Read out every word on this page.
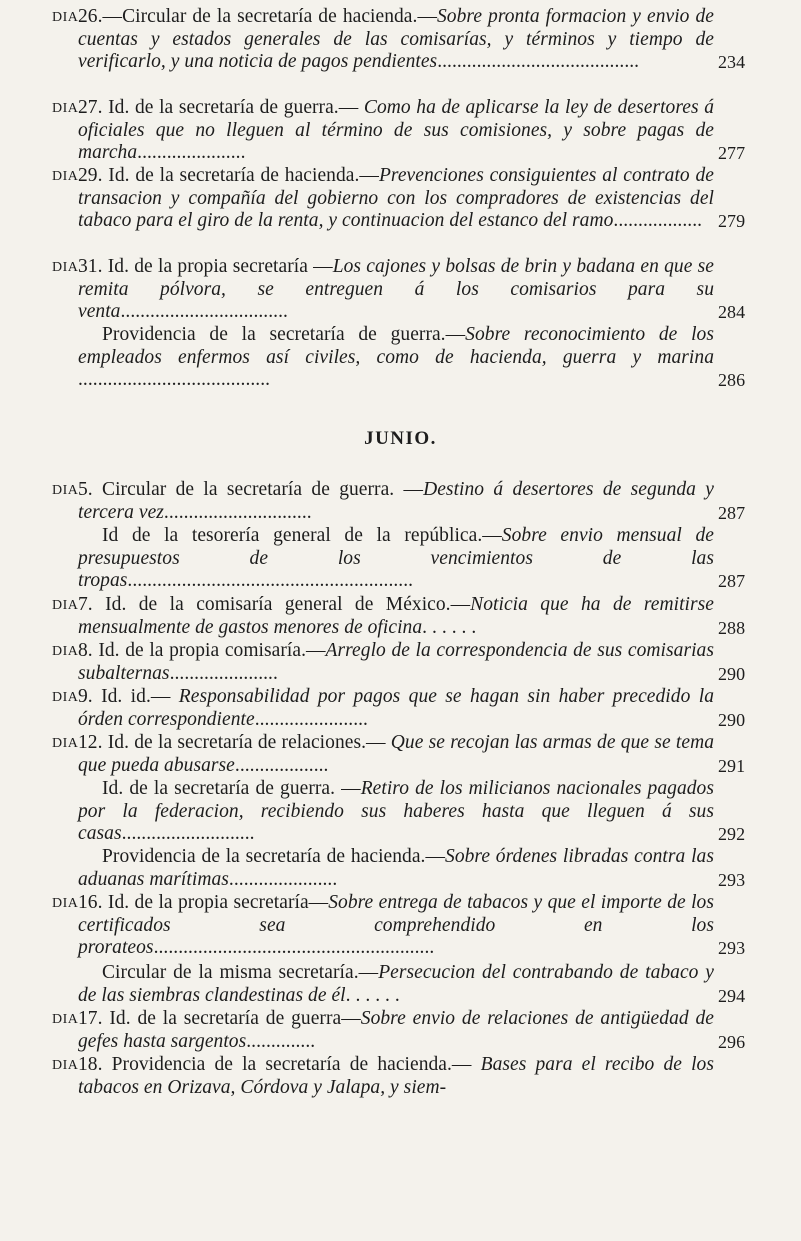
DIA 26.—Circular de la secretaría de hacienda.—Sobre pronta formacion y envio de cuentas y estados generales de las comisarías, y términos y tiempo de verificarlo, y una noticia de pagos pendientes.........................................	234
DIA 27. Id. de la secretaría de guerra.— Como ha de aplicarse la ley de desertores á oficiales que no lleguen al término de sus comisiones, y sobre pagas de marcha......................	277
DIA 29. Id. de la secretaría de hacienda.—Prevenciones consiguientes al contrato de transacion y compañía del gobierno con los compradores de existencias del tabaco para el giro de la renta, y continuacion del estanco del ramo.................. 279
DIA 31. Id. de la propia secretaría —Los cajones y bolsas de brin y badana en que se remita pólvora, se entreguen á los comisarios para su venta..................................	284
Providencia de la secretaría de guerra.—Sobre reconocimiento de los empleados enfermos así civiles, como de hacienda, guerra y marina .......................................	286
JUNIO.
DIA 5. Circular de la secretaría de guerra. —Destino á desertores de segunda y tercera vez..............................	287
Id de la tesorería general de la república.—Sobre envio mensual de presupuestos de los vencimientos de las tropas..........................................................	287
DIA 7. Id. de la comisaría general de México.—Noticia que ha de remitirse mensualmente de gastos menores de oficina. . . . . .	288
DIA 8. Id. de la propia comisaría.—Arreglo de la correspondencia de sus comisarias subalternas......................	290
DIA 9. Id. id.— Responsabilidad por pagos que se hagan sin haber precedido la órden correspondiente.......................	290
DIA 12. Id. de la secretaría de relaciones.— Que se recojan las armas de que se tema que pueda abusarse...................	291
Id. de la secretaría de guerra. —Retiro de los milicianos nacionales pagados por la federacion, recibiendo sus haberes hasta que lleguen á sus casas...........................	292
Providencia de la secretaría de hacienda.—Sobre órdenes libradas contra las aduanas marítimas......................	293
DIA 16. Id. de la propia secretaría—Sobre entrega de tabacos y que el importe de los certificados sea comprehendido en los prorateos.........................................................	293
Circular de la misma secretaría.—Persecucion del contrabando de tabaco y de las siembras clandestinas de él. . . . . .	294
DIA 17. Id. de la secretaría de guerra—Sobre envio de relaciones de antigüedad de gefes hasta sargentos..............	296
DIA 18. Providencia de la secretaría de hacienda.— Bases para el recibo de los tabacos en Orizava, Córdova y Jalapa, y siem-
